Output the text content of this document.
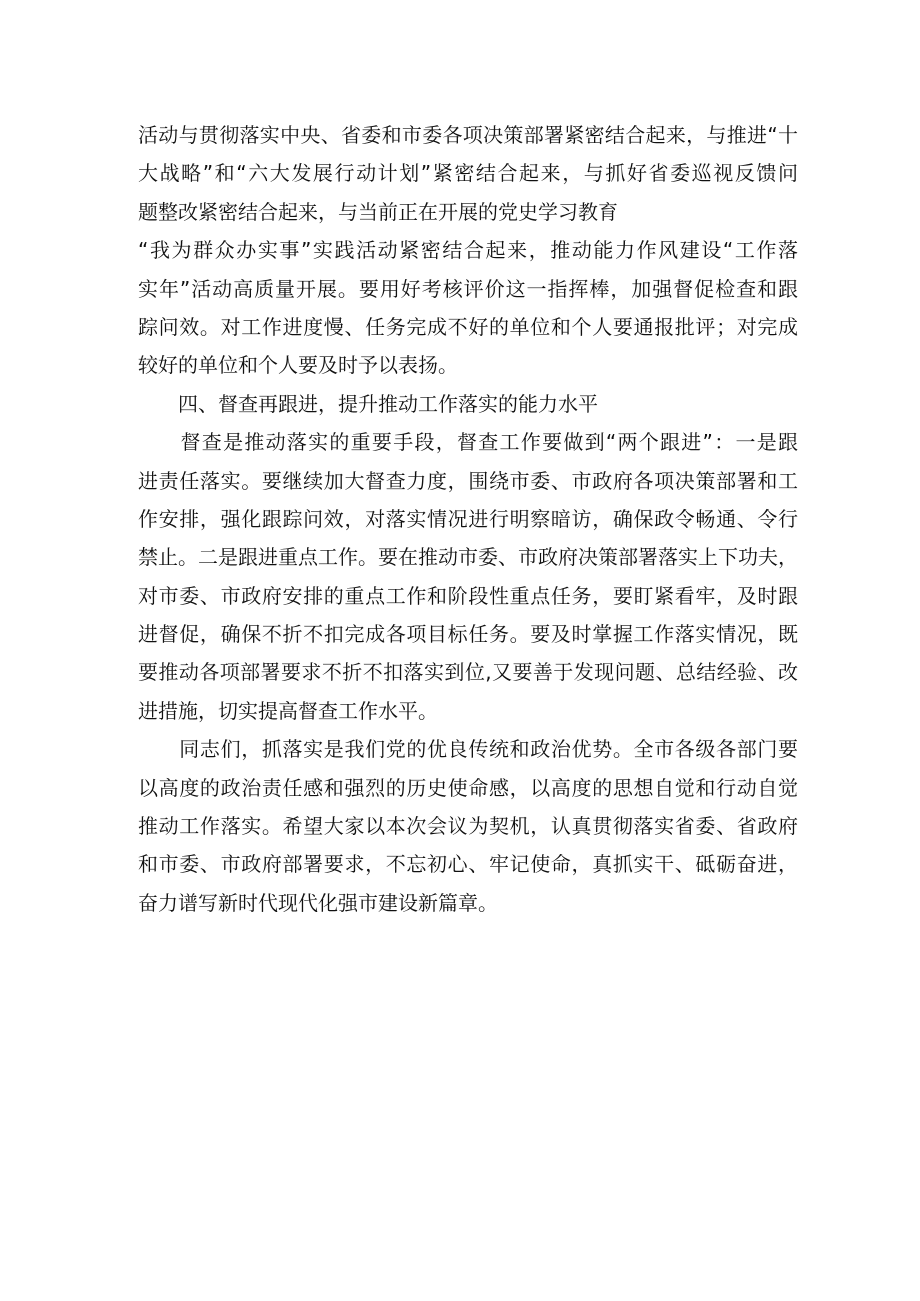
活动与贯彻落实中央、省委和市委各项决策部署紧密结合起来，与推进“十
大战略”和“六大发展行动计划”紧密结合起来，与抓好省委巡视反馈问
题整改紧密结合起来，与当前正在开展的党史学习教育
“我为群众办实事”实践活动紧密结合起来，推动能力作风建设“工作落
实年”活动高质量开展。要用好考核评价这一指挥棒，加强督促检查和跟
踪问效。对工作进度慢、任务完成不好的单位和个人要通报批评；对完成
较好的单位和个人要及时予以表扬。
　　四、督查再跟进，提升推动工作落实的能力水平
　　督查是推动落实的重要手段，督查工作要做到“两个跟进”：一是跟
进责任落实。要继续加大督查力度，围绕市委、市政府各项决策部署和工
作安排，强化跟踪问效，对落实情况进行明察暗访，确保政令畅通、令行
禁止。二是跟进重点工作。要在推动市委、市政府决策部署落实上下功夫，
对市委、市政府安排的重点工作和阶段性重点任务，要盯紧看牢，及时跟
进督促，确保不折不扣完成各项目标任务。要及时掌握工作落实情况，既
要推动各项部署要求不折不扣落实到位,又要善于发现问题、总结经验、改
进措施，切实提高督查工作水平。
　　同志们，抓落实是我们党的优良传统和政治优势。全市各级各部门要
以高度的政治责任感和强烈的历史使命感，以高度的思想自觉和行动自觉
推动工作落实。希望大家以本次会议为契机，认真贯彻落实省委、省政府
和市委、市政府部署要求，不忘初心、牢记使命，真抓实干、砥砺奋进，
奋力谱写新时代现代化强市建设新篇章。
